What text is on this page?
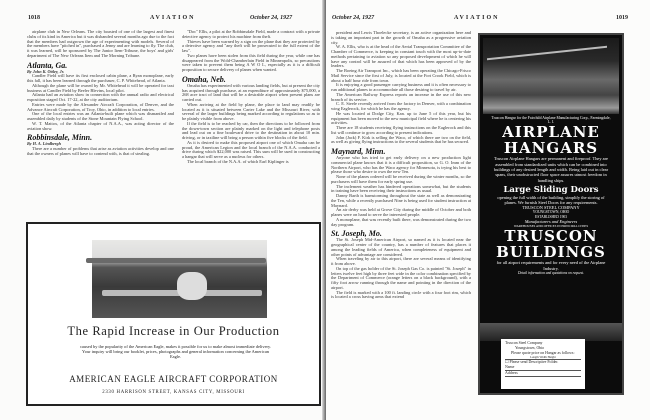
1018	AVIATION	October 24, 1927

airplane club in New Orleans. The city boasted of one of the largest and finest clubs of its kind in America but it was disbanded several months ago due to the fact that the members had outgrown the age of experimenting with models. Several of the members have "pitched in", purchased a Jenny and are learning to fly. The club, it was learned, will be sponsored by The Junior Item-Tribune, the boys' and girls' department of The New Orleans Item and The Morning Tribune.

Atlanta, Ga.
By John K. Ottley, Jr.

Candler Field will have its first enclosed cabin plane, a Ryan monoplane, early this fall, it has been learned through the purchaser, C. P. Whitehead, of Atlanta.

Although the plane will be owned by Mr. Whitehead it will be operated for taxi business at Candler Field by Beeler Blevins, local pilot.

Atlanta had an aviation show in connection with the annual radio and electrical exposition staged Oct. 17-22, at the city auditorium.

Entries were made by the Alexander Aircraft Corporation, of Denver, and the Advance Aircraft Corporation, of Troy, Ohio, in addition to local entries.

One of the local entries was an Atlanta-built plane which was dismantled and assembled daily by students of the Stone Mountain Flying School.

W. T. Mattox, of the Atlanta chapter of N.A.A., was acting director of the aviation show.

Robbinsdale, Minn.
By H. A. Lindbergh

There are a number of problems that arise as aviation activities develop and one that the owners of planes will have to contend with, is that of stealing.

"Doc" Ellis, a pilot at the Robbinsdale Field, made a contract with a private detective agency to protect his machine from theft.

Thieves have been warned by a sign on the plane that they are protected by a detective agency and "any theft will be prosecuted to the full extent of the law".

Two planes have been stolen from this field during the year, while one has disappeared from the Wold-Chamberlain Field in Minneapolis, so precautions were taken to prevent them being A W O L, especially as it is a difficult proposition to secure delivery of planes when wanted.

Omaha, Neb.

Omaha has experimented with various landing fields, but at present the city has acquired through purchase, at an expenditure of approximately $75,000, a 268 acre tract of land that will be a desirable airport when present plans are carried out.

When arriving at the field by plane, the place to land may readily be located as it is situated between Carter Lake and the Missouri River, with several of the larger buildings being marked according to regulations so as to be plainly visible from above.

If the field is to be reached by car, then the directions to be followed from the down-town section are plainly marked on the light and telephone posts and lead out on a fine boulevard drive to the destination in about 10 min. driving, or in taxiline will bring a person within five blocks of the field.

As it is desired to make this proposed airport one of which Omaha can be proud, the American Legion and the local branch of the N.A.A. conducted a drive during which $22,000 was raised. This sum will be used in constructing a hangar that will serve as a nucleus for others.

The local branch of the N.A.A. of which Earl Kiplinger is

The Rapid Increase in Our Production
caused by the popularity of the American Eagle, makes it possible for us to make almost immediate delivery. Your inquiry will bring our booklet, prices, photographs and general information concerning the American Eagle.
AMERICAN EAGLE AIRCRAFT CORPORATION
2330 HARRISON STREET, KANSAS CITY, MISSOURI
October 24, 1927	AVIATION	1019

president and Lewis Thoelecke secretary, is an active organization here and is taking an important part in the growth of Omaha as a progressive aviation city.

W. A. Ellis, who is at the head of the Aerial Transportation Committee of the Chamber of Commerce, is keeping in constant touch with the most up-to-date methods pertaining to aviation so any proposed development of which he will have any control will be assured of that which has been approved of by the leaders.

The Boeing Air Transport Inc., which has been operating the Chicago-Frisco Mail Service since the first of July, is located at the Fort Crook Field, which is about a half hour ride from town.

It is enjoying a good passenger carrying business and it is often necessary to run additional planes to accommodate all those desiring to travel by air.

The American Railway Express reports an increase in the use of this new branch of its service.

C. E. Steele recently arrived from the factory in Denver, with a combination wing Eaglerock, for which he has the agency.

He was located at Dodge City, Kan. up to June 5 of this year, but his equipment has been moved to the new municipal field where he is centering his activities.

There are 18 students receiving flying instructions on the Eaglerock and this list will continue to grow according to present indications.

John (Jack) F. Kirk is selling the Waco, of which there are two on the field, as well as giving flying instructions to the several students that he has secured.

Maynard, Minn.

Anyone who has tried to get early delivery on a new production light commercial plane knows that it is a difficult proposition, so G. O. Imm of the Northern Airport, who has the Waco agency for Minnesota, is trying his best to please those who desire to own the new Ten.

None of the planes ordered will be received during the winter months, so the purchasers will have them for early spring use.

The inclement weather has hindered operations somewhat, but the students in training have been receiving their instructions as usual.

Danny Barth is barnstorming throughout the state as well as demonstrating the Ten, while a recently purchased Nine is being used for student instruction at Maynard.

An air derby was held at Grove City during the middle of October and both planes were on hand to serve the interested people.

A monoplane, that was recently built there, was demonstrated during the two day program.

St. Joseph, Mo.

The St. Joseph Mid-American Airport, so named as it is located near the geographical center of the country, has a number of features that places it among the leading fields of America, when completeness of equipment and other points of advantage are considered.

When traveling by air to this airport, there are several means of identifying it from above.

On top of the gas holder of the St. Joseph Gas Co. is painted "St. Joseph" in letters twelve feet high by three feet wide in the color combination specified by the Department of Commerce (orange letters on a black background), with a fifty foot arrow running through the name and pointing in the direction of the airport.

The field is marked with a 100 ft. landing circle with a four foot rim, which is located a cross having arms that extend

Truscon Hangar for the Fairchild Airplane Manufacturing Corp., Farmingdale, L. I.
AIRPLANE
HANGARS
Truscon Airplane Hangars are permanent and fireproof. They are assembled from standardized units which can be combined into buildings of any desired length and width. Being laid out in clear spans, their unobstructed floor space assures utmost freedom in handling ships.
Large Sliding Doors
opening the full width of the building, simplify the storing of planes. We furnish Steel Doors for any requirements.
TRUSCON STEEL COMPANY
YOUNGSTOWN, OHIO
ESTABLISHED 1903
Manufacturers and Engineers
WAREHOUSES AND OFFICES IN PRINCIPAL CITIES
TRUSCON
BUILDINGS
for all airport requirements and for every need of the Airplane Industry.
Detail information and quotations on request.
Truscon Steel Company
Youngstown, Ohio
Please quote price on Hangar as follows:
Length Width Height
☐ Please send Descriptive Folder.
Name
Address
